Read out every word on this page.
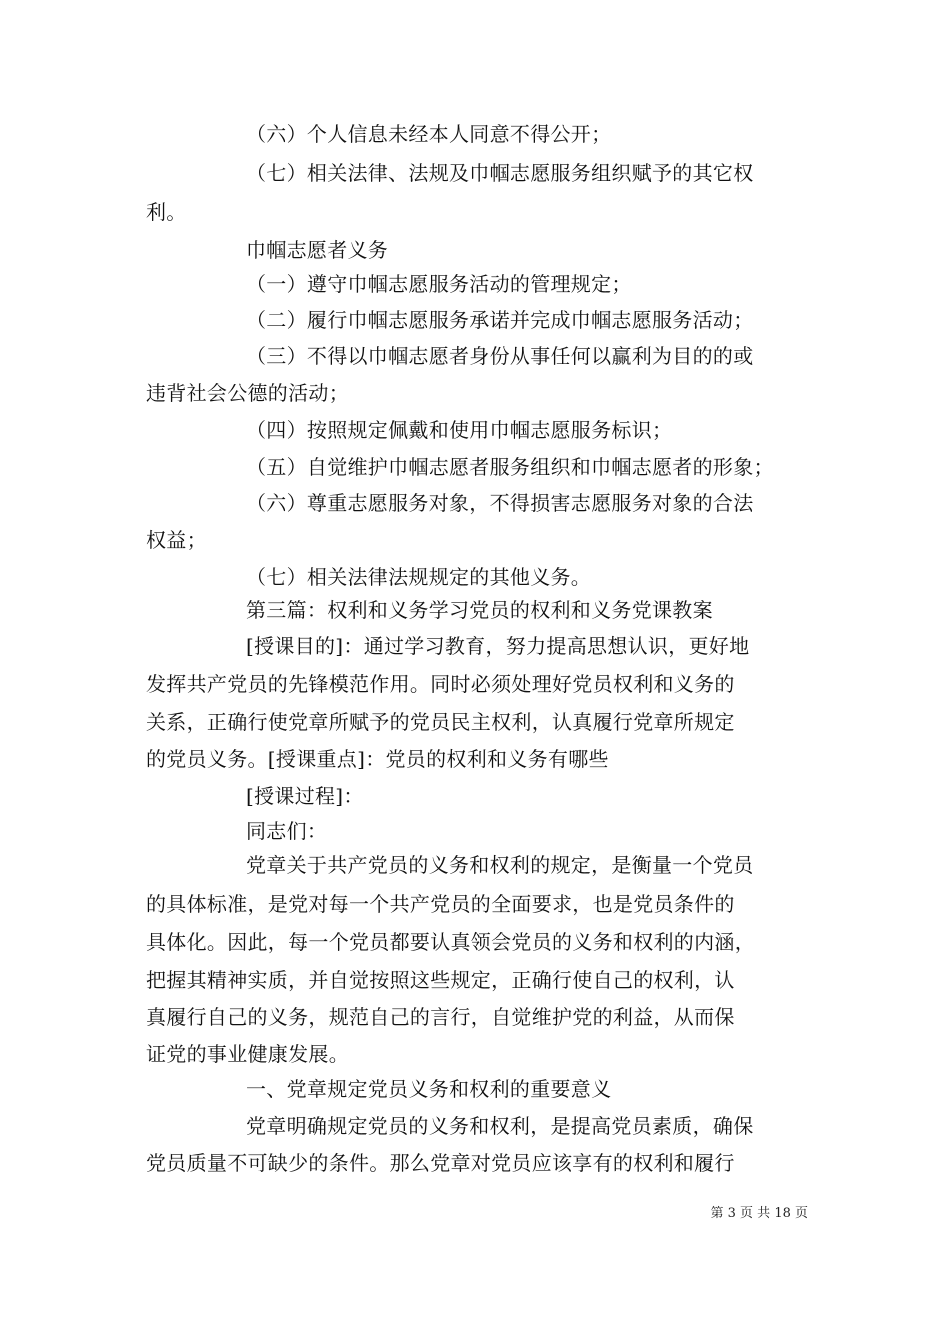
（六）个人信息未经本人同意不得公开；
（七）相关法律、法规及巾帼志愿服务组织赋予的其它权
利。
巾帼志愿者义务
（一）遵守巾帼志愿服务活动的管理规定；
（二）履行巾帼志愿服务承诺并完成巾帼志愿服务活动；
（三）不得以巾帼志愿者身份从事任何以赢利为目的的或
违背社会公德的活动；
（四）按照规定佩戴和使用巾帼志愿服务标识；
（五）自觉维护巾帼志愿者服务组织和巾帼志愿者的形象；
（六）尊重志愿服务对象，不得损害志愿服务对象的合法
权益；
（七）相关法律法规规定的其他义务。
第三篇：权利和义务学习党员的权利和义务党课教案
[授课目的]：通过学习教育，努力提高思想认识，更好地
发挥共产党员的先锋模范作用。同时必须处理好党员权利和义务的
关系，正确行使党章所赋予的党员民主权利，认真履行党章所规定
的党员义务。[授课重点]：党员的权利和义务有哪些
[授课过程]：
同志们：
党章关于共产党员的义务和权利的规定，是衡量一个党员
的具体标准，是党对每一个共产党员的全面要求，也是党员条件的
具体化。因此，每一个党员都要认真领会党员的义务和权利的内涵，
把握其精神实质，并自觉按照这些规定，正确行使自己的权利，认
真履行自己的义务，规范自己的言行，自觉维护党的利益，从而保
证党的事业健康发展。
一、党章规定党员义务和权利的重要意义
党章明确规定党员的义务和权利，是提高党员素质，确保
党员质量不可缺少的条件。那么党章对党员应该享有的权利和履行
第 3 页 共 18 页
